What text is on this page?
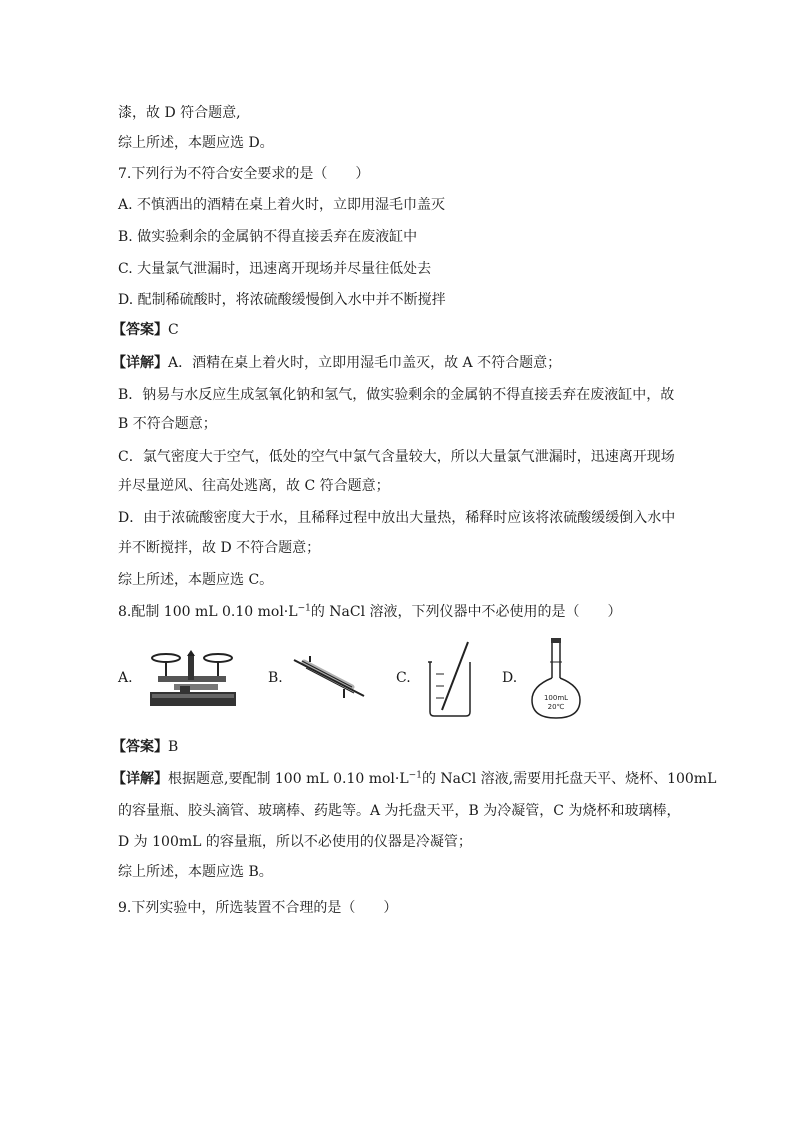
漆，故 D 符合题意,
综上所述，本题应选 D。
7.下列行为不符合安全要求的是（　　）
A. 不慎洒出的酒精在桌上着火时，立即用湿毛巾盖灭
B. 做实验剩余的金属钠不得直接丢弃在废液缸中
C. 大量氯气泄漏时，迅速离开现场并尽量往低处去
D. 配制稀硫酸时，将浓硫酸缓慢倒入水中并不断搅拌
【答案】C
【详解】A．酒精在桌上着火时，立即用湿毛巾盖灭，故 A 不符合题意；
B．钠易与水反应生成氢氧化钠和氢气，做实验剩余的金属钠不得直接丢弃在废液缸中，故
B 不符合题意；
C．氯气密度大于空气，低处的空气中氯气含量较大，所以大量氯气泄漏时，迅速离开现场
并尽量逆风、往高处逃离，故 C 符合题意；
D．由于浓硫酸密度大于水，且稀释过程中放出大量热，稀释时应该将浓硫酸缓缓倒入水中
并不断搅拌，故 D 不符合题意；
综上所述，本题应选 C。
8.配制 100 mL 0.10 $mol\cdot L^{-1}$的 NaCl 溶液，下列仪器中不必使用的是（　　）
A.	B.	C.	D.
100mL
20℃
【答案】B
【详解】根据题意,要配制 100 mL 0.10 $mol\cdot L^{-1}$的 NaCl 溶液,需要用托盘天平、烧杯、100mL
的容量瓶、胶头滴管、玻璃棒、药匙等。A 为托盘天平，B 为冷凝管，C 为烧杯和玻璃棒，
D 为 100mL 的容量瓶，所以不必使用的仪器是冷凝管；
综上所述，本题应选 B。
9.下列实验中，所选装置不合理的是（　　）
